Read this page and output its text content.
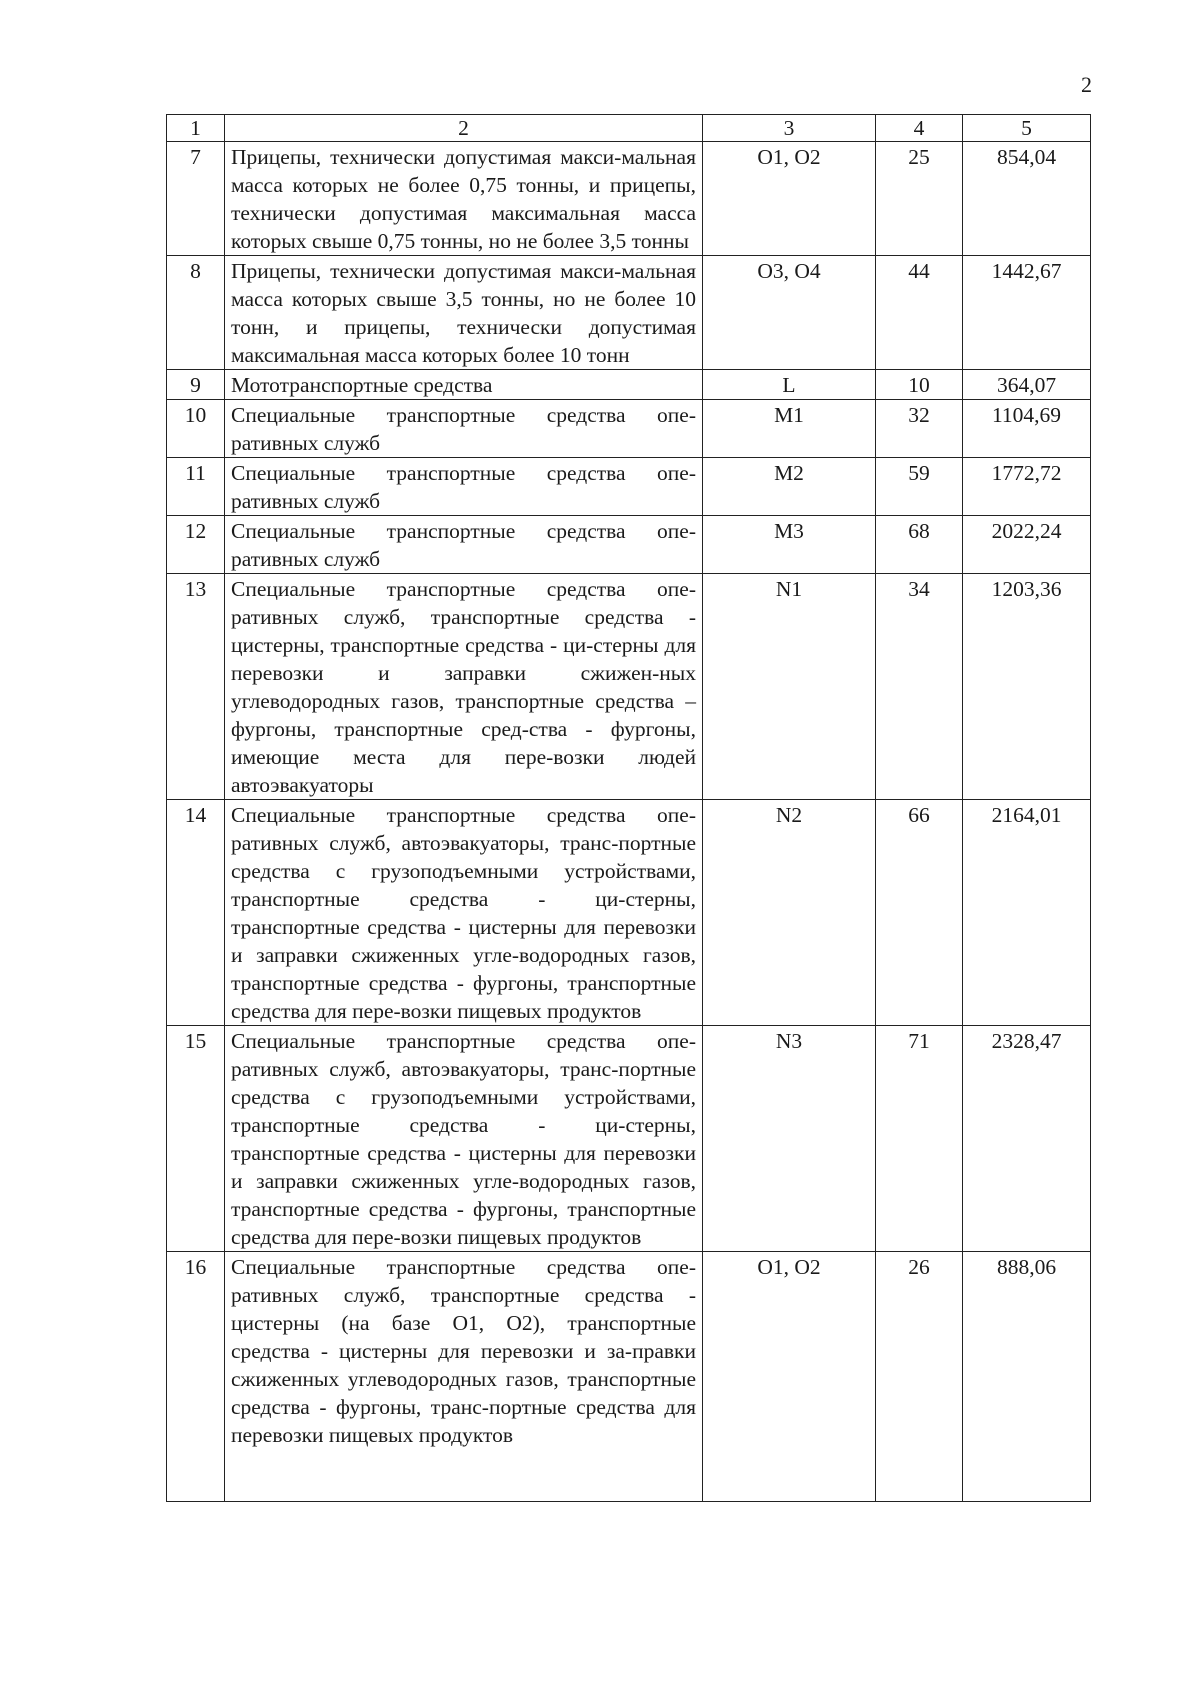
2
1	2	3	4	5
7	Прицепы, технически допустимая макси-мальная масса которых не более 0,75 тонны, и прицепы, технически допустимая максимальная масса которых свыше 0,75 тонны, но не более 3,5 тонны	O1, O2	25	854,04
8	Прицепы, технически допустимая макси-мальная масса которых свыше 3,5 тонны, но не более 10 тонн, и прицепы, технически допустимая максимальная масса которых более 10 тонн	O3, O4	44	1442,67
9	Мототранспортные средства	L	10	364,07
10	Специальные транспортные средства опе-ративных служб	M1	32	1104,69
11	Специальные транспортные средства опе-ративных служб	M2	59	1772,72
12	Специальные транспортные средства опе-ративных служб	M3	68	2022,24
13	Специальные транспортные средства опе-ративных служб, транспортные средства - цистерны, транспортные средства - ци-стерны для перевозки и заправки сжижен-ных углеводородных газов, транспортные средства – фургоны, транспортные сред-ства - фургоны, имеющие места для пере-возки людей автоэвакуаторы	N1	34	1203,36
14	Специальные транспортные средства опе-ративных служб, автоэвакуаторы, транс-портные средства с грузоподъемными устройствами, транспортные средства - ци-стерны, транспортные средства - цистерны для перевозки и заправки сжиженных угле-водородных газов, транспортные средства - фургоны, транспортные средства для пере-возки пищевых продуктов	N2	66	2164,01
15	Специальные транспортные средства опе-ративных служб, автоэвакуаторы, транс-портные средства с грузоподъемными устройствами, транспортные средства - ци-стерны, транспортные средства - цистерны для перевозки и заправки сжиженных угле-водородных газов, транспортные средства - фургоны, транспортные средства для пере-возки пищевых продуктов	N3	71	2328,47
16	Специальные транспортные средства опе-ративных служб, транспортные средства - цистерны (на базе O1, O2), транспортные средства - цистерны для перевозки и за-правки сжиженных углеводородных газов, транспортные средства - фургоны, транс-портные средства для перевозки пищевых продуктов	O1, O2	26	888,06
